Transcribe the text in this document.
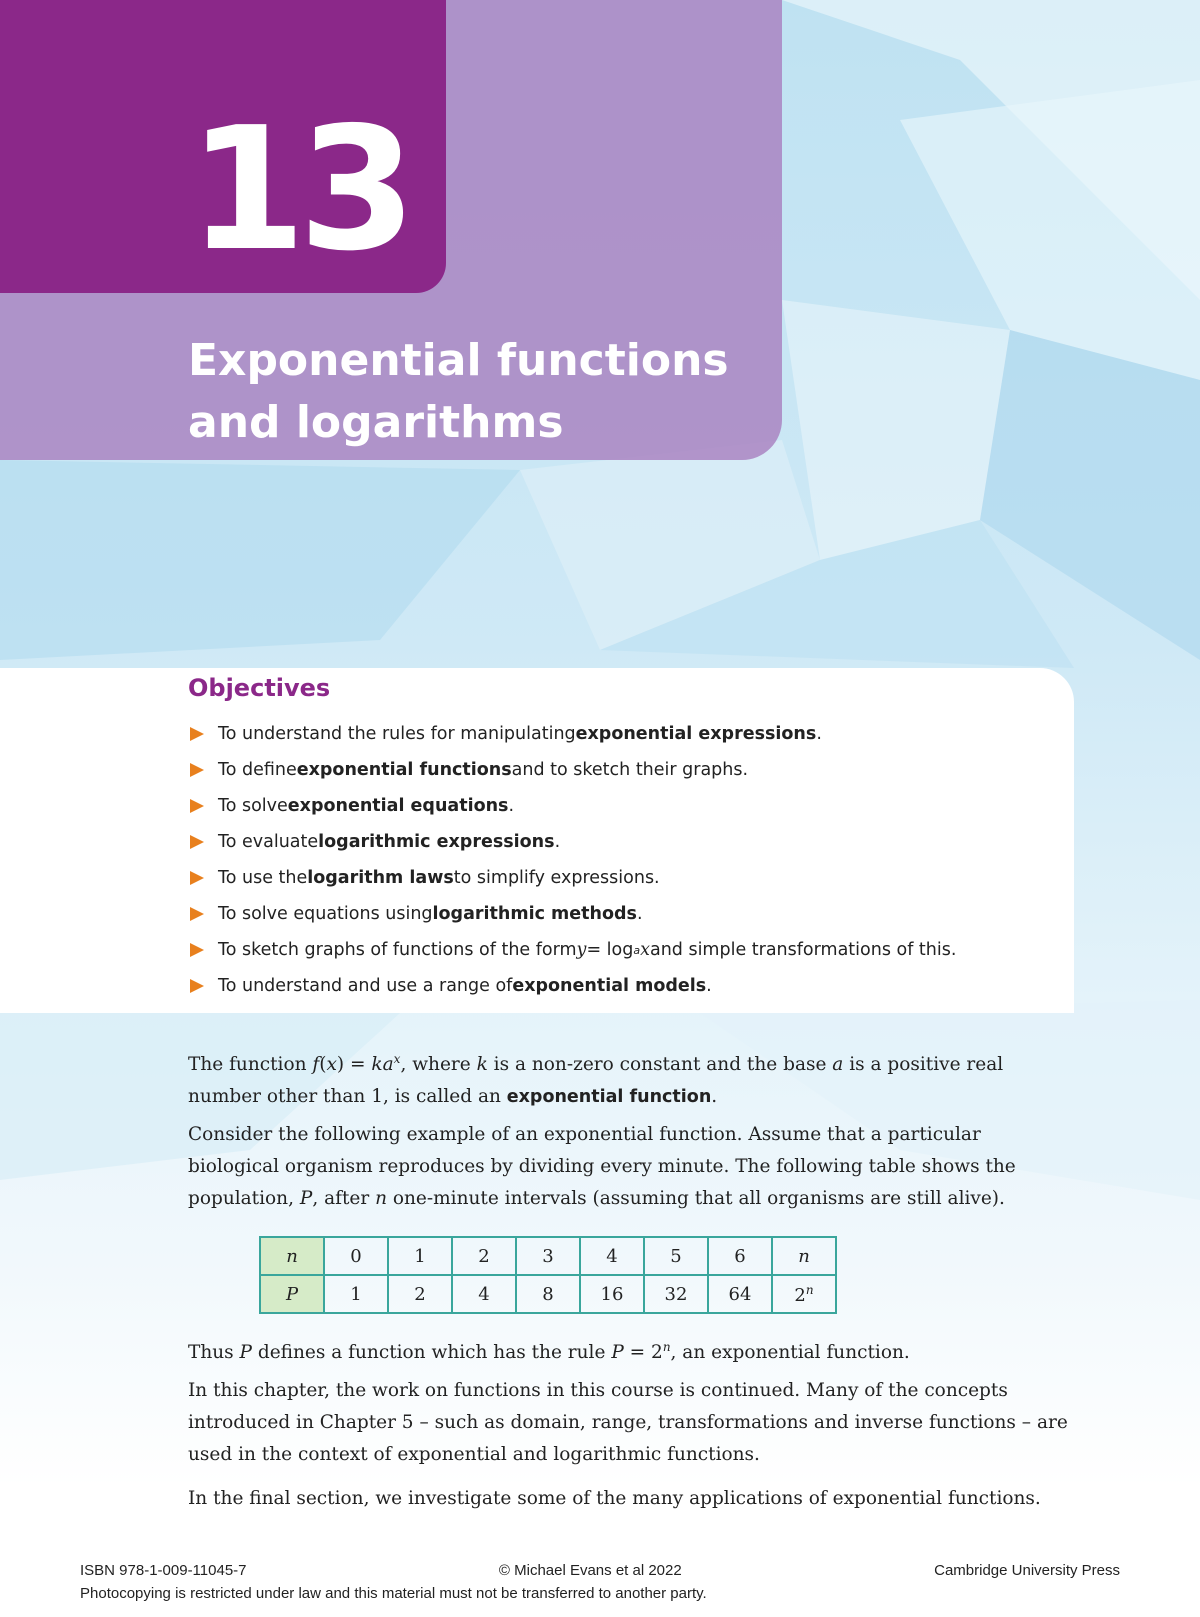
13
Exponential functions
and logarithms
Objectives
To understand the rules for manipulating exponential expressions .
To define exponential functions and to sketch their graphs.
To solve exponential equations .
To evaluate logarithmic expressions .
To use the logarithm laws to simplify expressions.
To solve equations using logarithmic methods .
To sketch graphs of functions of the form y = log a x and simple transformations of this.
To understand and use a range of exponential models .

The function $f(x) = ka^x$, where k is a non-zero constant and the base a is a positive real number other than 1, is called an exponential function.

Consider the following example of an exponential function. Assume that a particular biological organism reproduces by dividing every minute. The following table shows the population, P, after n one-minute intervals (assuming that all organisms are still alive).

n	0	1	2	3	4	5	6	n
P	1	2	4	8	16	32	64	2$^n$

Thus P defines a function which has the rule $P = 2^n$, an exponential function.

In this chapter, the work on functions in this course is continued. Many of the concepts introduced in Chapter 5 – such as domain, range, transformations and inverse functions – are used in the context of exponential and logarithmic functions.

In the final section, we investigate some of the many applications of exponential functions.

ISBN 978-1-009-11045-7	© Michael Evans et al 2022	Cambridge University Press

Photocopying is restricted under law and this material must not be transferred to another party.
